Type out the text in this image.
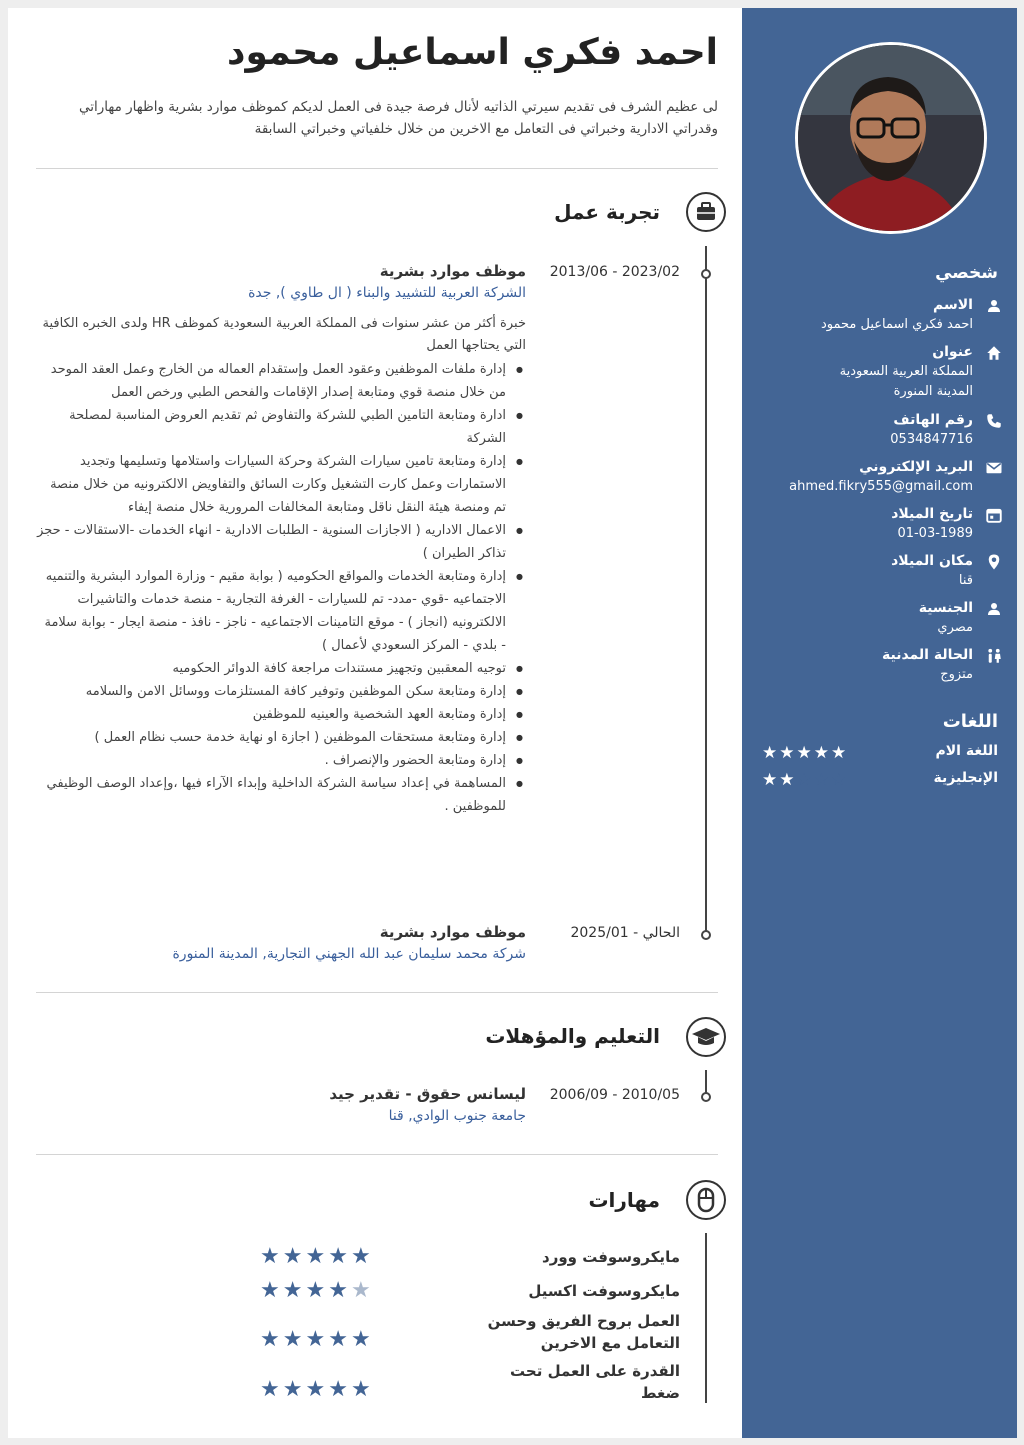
شخصي
الاسم
احمد فكري اسماعيل محمود
عنوان
المملكة العربية السعودية
المدينة المنورة
رقم الهاتف
0534847716
البريد الإلكتروني
ahmed.fikry555@gmail.com
تاريخ الميلاد
01-03-1989
مكان الميلاد
قنا
الجنسية
مصري
الحالة المدنية
متزوج
اللغات
اللغة الام
★★★★★
الإنجليزية
★★★★★
احمد فكري اسماعيل محمود
لى عظيم الشرف فى تقديم سيرتي الذاتيه لأنال فرصة جيدة فى العمل لديكم كموظف موارد بشرية واظهار مهاراتي وقدراتي الادارية وخبراتي فى التعامل مع الاخرين من خلال خلفياتي وخبراتي السابقة
تجربة عمل
2013/06 - 2023/02
موظف موارد بشرية
الشركة العربية للتشييد والبناء ( ال طاوي ), جدة
خبرة أكثر من عشر سنوات فى المملكة العربية السعودية كموظف HR ولدى الخبره الكافية التي يحتاجها العمل
● إدارة ملفات الموظفين وعقود العمل وإستقدام العماله من الخارج وعمل العقد الموحد من خلال منصة قوي ومتابعة إصدار الإقامات والفحص الطبي ورخص العمل
● ادارة ومتابعة التامين الطبي للشركة والتفاوض ثم تقديم العروض المناسبة لمصلحة الشركة
● إدارة ومتابعة تامين سيارات الشركة وحركة السيارات واستلامها وتسليمها وتجديد الاستمارات وعمل كارت التشغيل وكارت السائق والتفاويض الالكترونيه من خلال منصة تم ومنصة هيئة النقل ناقل ومتابعة المخالفات المرورية خلال منصة إيفاء
● الاعمال الاداريه ( الاجازات السنوية - الطلبات الادارية - انهاء الخدمات -الاستقالات - حجز تذاكر الطيران )
● إدارة ومتابعة الخدمات والمواقع الحكوميه ( بوابة مقيم - وزارة الموارد البشرية والتنميه الاجتماعيه -قوي -مدد- تم للسيارات - الغرفة التجارية - منصة خدمات والتاشيرات الالكترونيه (انجاز ) - موقع التامينات الاجتماعيه - ناجز - نافذ - منصة ايجار - بوابة سلامة - بلدي - المركز السعودي لأعمال )
● توجيه المعقبين وتجهيز مستندات مراجعة كافة الدوائر الحكوميه
● إدارة ومتابعة سكن الموظفين وتوفير كافة المستلزمات ووسائل الامن والسلامه
● إدارة ومتابعة العهد الشخصية والعينيه للموظفين
● إدارة ومتابعة مستحقات الموظفين ( اجازة او نهاية خدمة حسب نظام العمل )
● إدارة ومتابعة الحضور والإنصراف .
● المساهمة في إعداد سياسة الشركة الداخلية وإبداء الآراء فيها ،وإعداد الوصف الوظيفي للموظفين .
2025/01 - الحالي
موظف موارد بشرية
شركة محمد سليمان عبد الله الجهني التجارية, المدينة المنورة
التعليم والمؤهلات
2006/09 - 2010/05
ليسانس حقوق - تقدير جيد
جامعة جنوب الوادي, قنا
مهارات
مايكروسوفت وورد
★★★★★
مايكروسوفت اكسيل
★★★★★
العمل بروح الفريق وحسن التعامل مع الاخرين
★★★★★
القدرة على العمل تحت ضغط
★★★★★
